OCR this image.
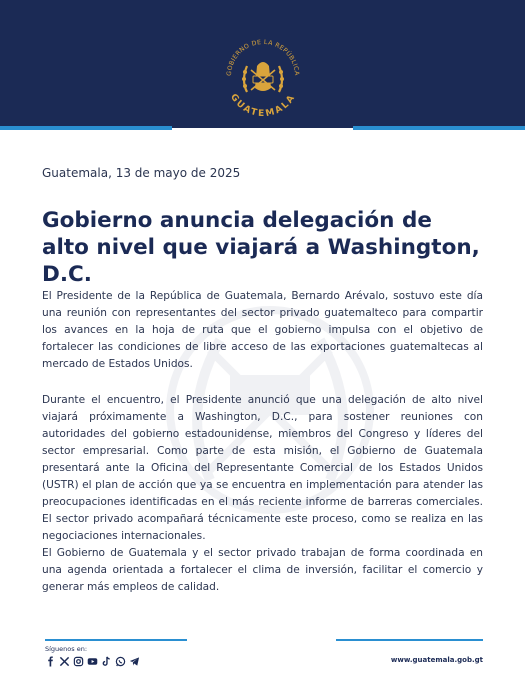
GOBIERNO DE LA REPÚBLICA
GUATEMALA
Guatemala, 13 de mayo de 2025
Gobierno anuncia delegación de alto nivel que viajará a Washington, D.C.

El Presidente de la República de Guatemala, Bernardo Arévalo, sostuvo este día una reunión con representantes del sector privado guatemalteco para compartir los avances en la hoja de ruta que el gobierno impulsa con el objetivo de fortalecer las condiciones de libre acceso de las exportaciones guatemaltecas al mercado de Estados Unidos.

Durante el encuentro, el Presidente anunció que una delegación de alto nivel viajará próximamente a Washington, D.C., para sostener reuniones con autoridades del gobierno estadounidense, miembros del Congreso y líderes del sector empresarial. Como parte de esta misión, el Gobierno de Guatemala presentará ante la Oficina del Representante Comercial de los Estados Unidos (USTR) el plan de acción que ya se encuentra en implementación para atender las preocupaciones identificadas en el más reciente informe de barreras comerciales. El sector privado acompañará técnicamente este proceso, como se realiza en las negociaciones internacionales.

El Gobierno de Guatemala y el sector privado trabajan de forma coordinada en una agenda orientada a fortalecer el clima de inversión, facilitar el comercio y generar más empleos de calidad.

Síguenos en:
www.guatemala.gob.gt
